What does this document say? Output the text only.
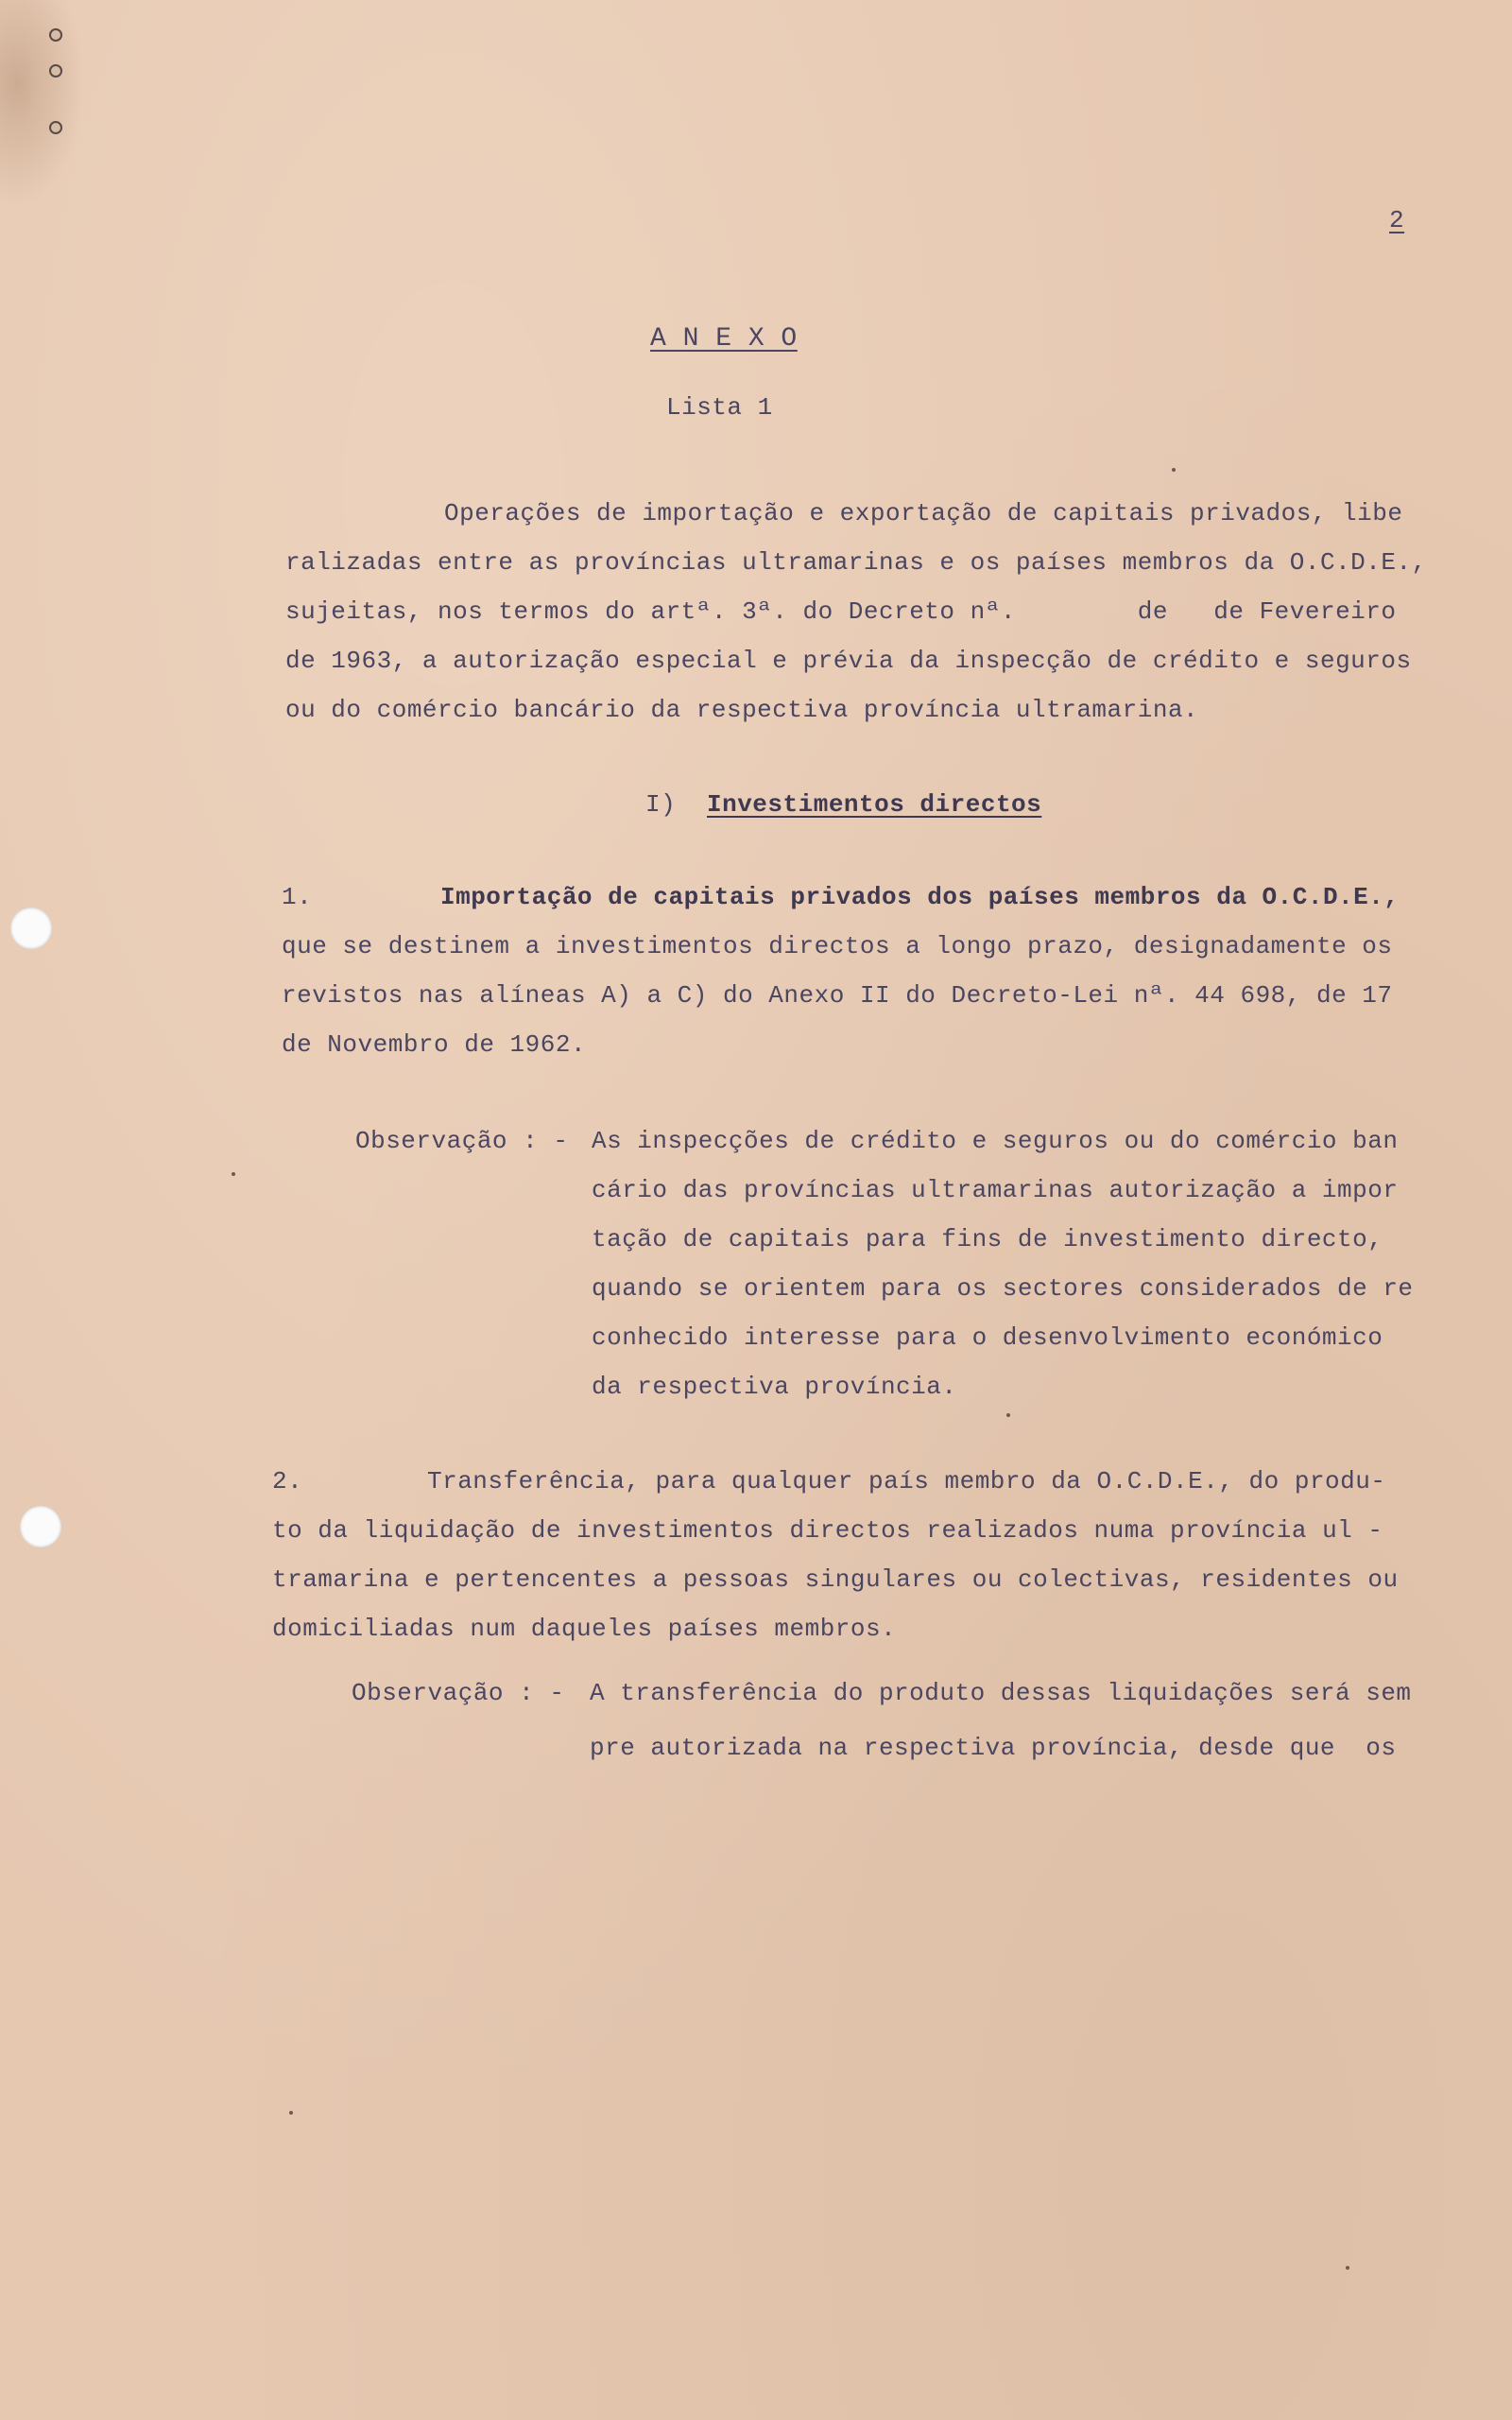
2
A N E X O
Lista 1
Operações de importação e exportação de capitais privados, libe
ralizadas entre as províncias ultramarinas e os países membros da O.C.D.E.,
sujeitas, nos termos do artª. 3ª. do Decreto nª.        de   de Fevereiro
de 1963, a autorização especial e prévia da inspecção de crédito e seguros
ou do comércio bancário da respectiva província ultramarina.
I) Investimentos directos
1.	Importação de capitais privados dos países membros da O.C.D.E.,
que se destinem a investimentos directos a longo prazo, designadamente os
revistos nas alíneas A) a C) do Anexo II do Decreto-Lei nª. 44 698, de 17
de Novembro de 1962.
Observação : - As inspecções de crédito e seguros ou do comércio ban
cário das províncias ultramarinas autorização a impor
tação de capitais para fins de investimento directo,
quando se orientem para os sectores considerados de re
conhecido interesse para o desenvolvimento económico
da respectiva província.
2.	Transferência, para qualquer país membro da O.C.D.E., do produ-
to da liquidação de investimentos directos realizados numa província ul -
tramarina e pertencentes a pessoas singulares ou colectivas, residentes ou
domiciliadas num daqueles países membros.
Observação : - A transferência do produto dessas liquidações será sem
pre autorizada na respectiva província, desde que  os
